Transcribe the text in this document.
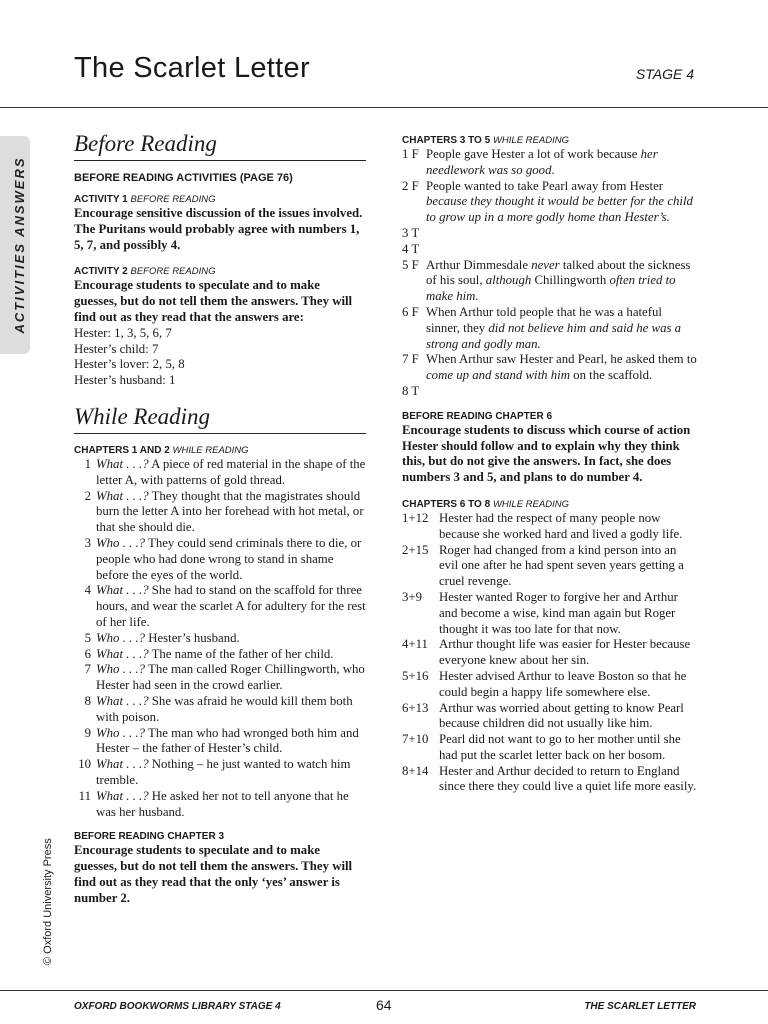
The Scarlet Letter	STAGE 4
ACTIVITIES ANSWERS
© Oxford University Press
Before Reading
BEFORE READING ACTIVITIES (PAGE 76)
ACTIVITY 1 BEFORE READING
Encourage sensitive discussion of the issues involved. The Puritans would probably agree with numbers 1, 5, 7, and possibly 4.
ACTIVITY 2 BEFORE READING
Encourage students to speculate and to make guesses, but do not tell them the answers. They will find out as they read that the answers are:
Hester: 1, 3, 5, 6, 7
Hester’s child: 7
Hester’s lover: 2, 5, 8
Hester’s husband: 1
While Reading
CHAPTERS 1 AND 2 WHILE READING
1 What . . .? A piece of red material in the shape of the letter A, with patterns of gold thread.
2 What . . .? They thought that the magistrates should burn the letter A into her forehead with hot metal, or that she should die.
3 Who . . .? They could send criminals there to die, or people who had done wrong to stand in shame before the eyes of the world.
4 What . . .? She had to stand on the scaffold for three hours, and wear the scarlet A for adultery for the rest of her life.
5 Who . . .? Hester’s husband.
6 What . . .? The name of the father of her child.
7 Who . . .? The man called Roger Chillingworth, who Hester had seen in the crowd earlier.
8 What . . .? She was afraid he would kill them both with poison.
9 Who . . .? The man who had wronged both him and Hester – the father of Hester’s child.
10 What . . .? Nothing – he just wanted to watch him tremble.
11 What . . .? He asked her not to tell anyone that he was her husband.
BEFORE READING CHAPTER 3
Encourage students to speculate and to make guesses, but do not tell them the answers. They will find out as they read that the only ‘yes’ answer is number 2.
CHAPTERS 3 TO 5 WHILE READING
1 F People gave Hester a lot of work because her needlework was so good.
2 F People wanted to take Pearl away from Hester because they thought it would be better for the child to grow up in a more godly home than Hester’s.
3 T
4 T
5 F Arthur Dimmesdale never talked about the sickness of his soul, although Chillingworth often tried to make him.
6 F When Arthur told people that he was a hateful sinner, they did not believe him and said he was a strong and godly man.
7 F When Arthur saw Hester and Pearl, he asked them to come up and stand with him on the scaffold.
8 T
BEFORE READING CHAPTER 6
Encourage students to discuss which course of action Hester should follow and to explain why they think this, but do not give the answers. In fact, she does
numbers 3 and 5, and plans to do number 4.
CHAPTERS 6 TO 8 WHILE READING
1+12 Hester had the respect of many people now because she worked hard and lived a godly life.
2+15 Roger had changed from a kind person into an evil one after he had spent seven years getting a cruel revenge.
3+9	Hester wanted Roger to forgive her and Arthur and become a wise, kind man again but Roger thought it was too late for that now.
4+11 Arthur thought life was easier for Hester because everyone knew about her sin.
5+16 Hester advised Arthur to leave Boston so that he could begin a happy life somewhere else.
6+13 Arthur was worried about getting to know Pearl because children did not usually like him.
7+10 Pearl did not want to go to her mother until she had put the scarlet letter back on her bosom.
8+14 Hester and Arthur decided to return to England since there they could live a quiet life more easily.
OXFORD BOOKWORMS LIBRARY STAGE 4	64	THE SCARLET LETTER
